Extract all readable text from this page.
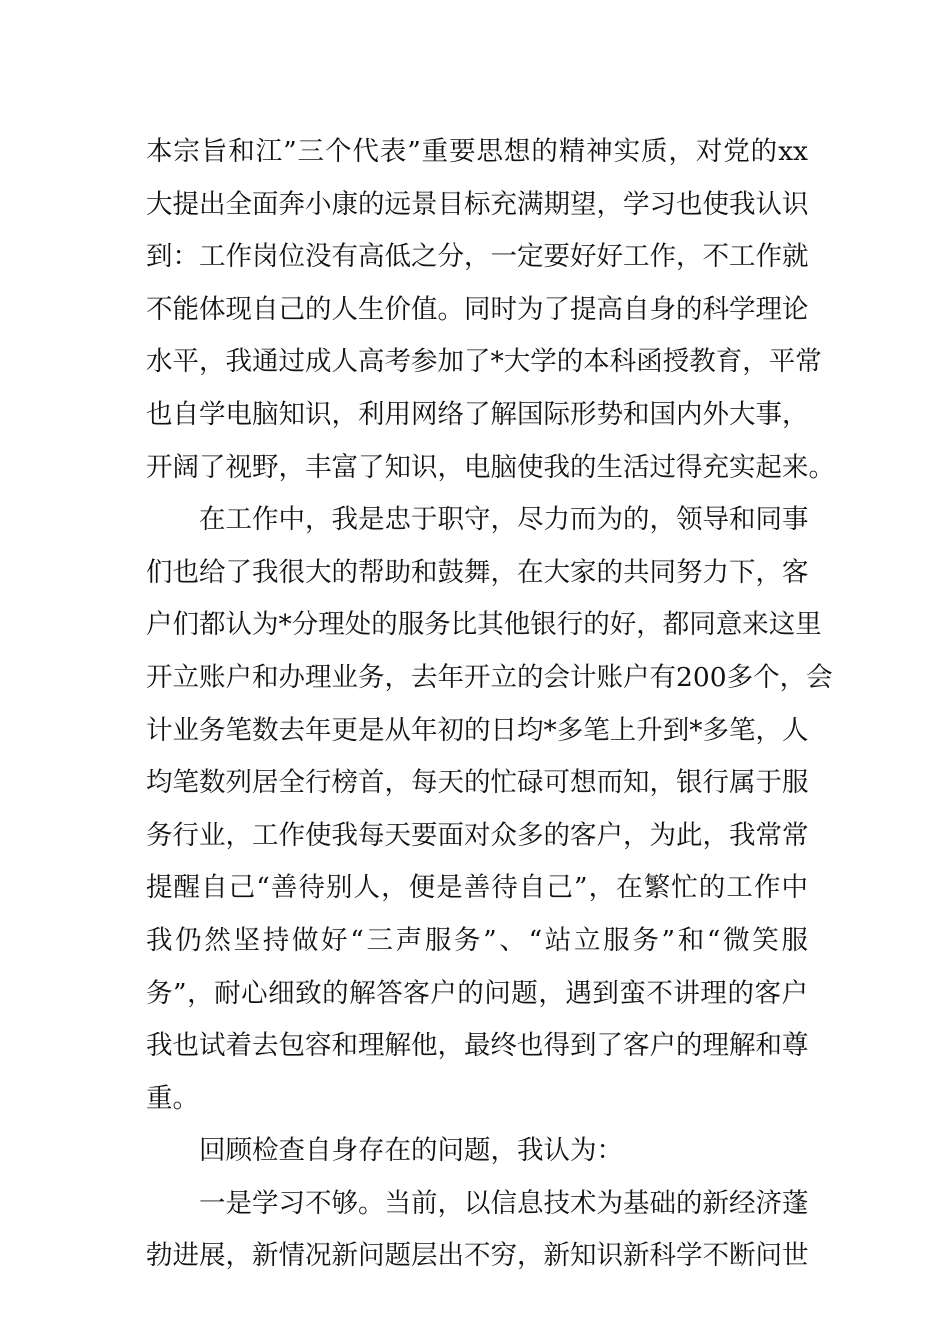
本宗旨和江”三个代表”重要思想的精神实质，对党的xx
大提出全面奔小康的远景目标充满期望，学习也使我认识
到：工作岗位没有高低之分，一定要好好工作，不工作就
不能体现自己的人生价值。同时为了提高自身的科学理论
水平，我通过成人高考参加了*大学的本科函授教育，平常
也自学电脑知识，利用网络了解国际形势和国内外大事，
开阔了视野，丰富了知识，电脑使我的生活过得充实起来。
在工作中，我是忠于职守，尽力而为的，领导和同事
们也给了我很大的帮助和鼓舞，在大家的共同努力下，客
户们都认为*分理处的服务比其他银行的好，都同意来这里
开立账户和办理业务，去年开立的会计账户有200多个，会
计业务笔数去年更是从年初的日均*多笔上升到*多笔，人
均笔数列居全行榜首，每天的忙碌可想而知，银行属于服
务行业，工作使我每天要面对众多的客户，为此，我常常
提醒自己“善待别人，便是善待自己”，在繁忙的工作中
我仍然坚持做好“三声服务”、“站立服务”和“微笑服
务”，耐心细致的解答客户的问题，遇到蛮不讲理的客户
我也试着去包容和理解他，最终也得到了客户的理解和尊
重。
回顾检查自身存在的问题，我认为：
一是学习不够。当前，以信息技术为基础的新经济蓬
勃进展，新情况新问题层出不穷，新知识新科学不断问世
